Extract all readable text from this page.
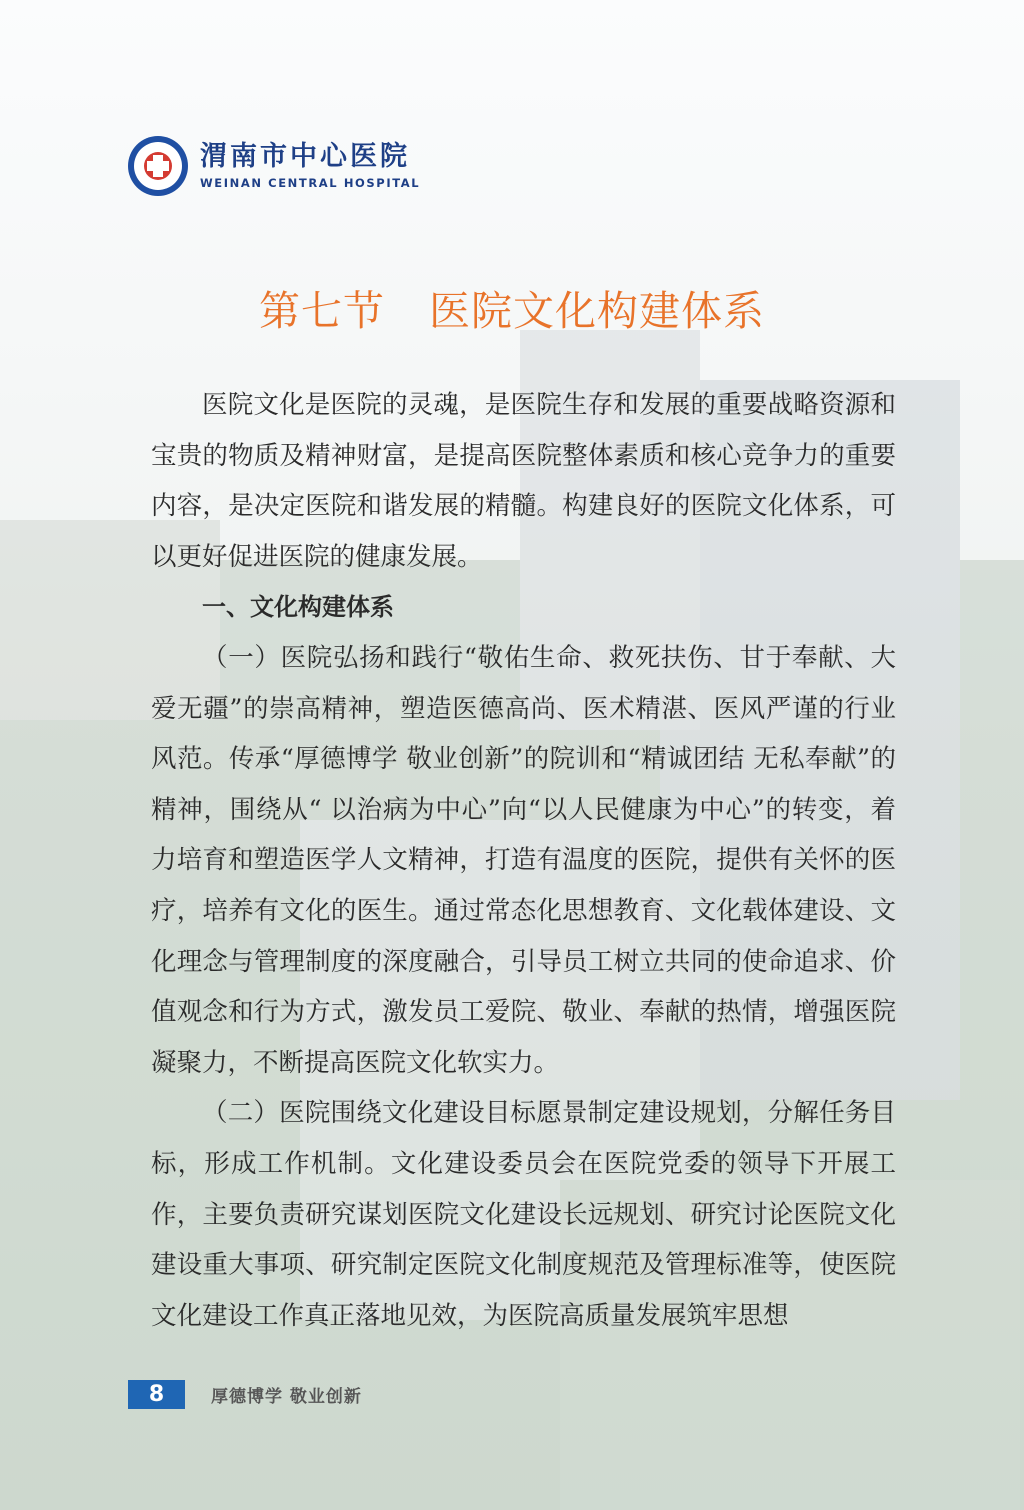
渭南市中心医院
WEINAN CENTRAL HOSPITAL
第七节 医院文化构建体系

医院文化是医院的灵魂，是医院生存和发展的重要战略资源和宝贵的物质及精神财富，是提高医院整体素质和核心竞争力的重要内容，是决定医院和谐发展的精髓。构建良好的医院文化体系，可以更好促进医院的健康发展。

一、文化构建体系

（一）医院弘扬和践行“敬佑生命、救死扶伤、甘于奉献、大爱无疆”的崇高精神，塑造医德高尚、医术精湛、医风严谨的行业风范。传承“厚德博学 敬业创新”的院训和“精诚团结 无私奉献”的精神，围绕从“ 以治病为中心”向“以人民健康为中心”的转变，着力培育和塑造医学人文精神，打造有温度的医院，提供有关怀的医疗，培养有文化的医生。通过常态化思想教育、文化载体建设、文化理念与管理制度的深度融合，引导员工树立共同的使命追求、价值观念和行为方式，激发员工爱院、敬业、奉献的热情，增强医院凝聚力，不断提高医院文化软实力。

（二）医院围绕文化建设目标愿景制定建设规划，分解任务目标，形成工作机制。文化建设委员会在医院党委的领导下开展工作，主要负责研究谋划医院文化建设长远规划、研究讨论医院文化建设重大事项、研究制定医院文化制度规范及管理标准等，使医院文化建设工作真正落地见效，为医院高质量发展筑牢思想

8	厚德博学 敬业创新
